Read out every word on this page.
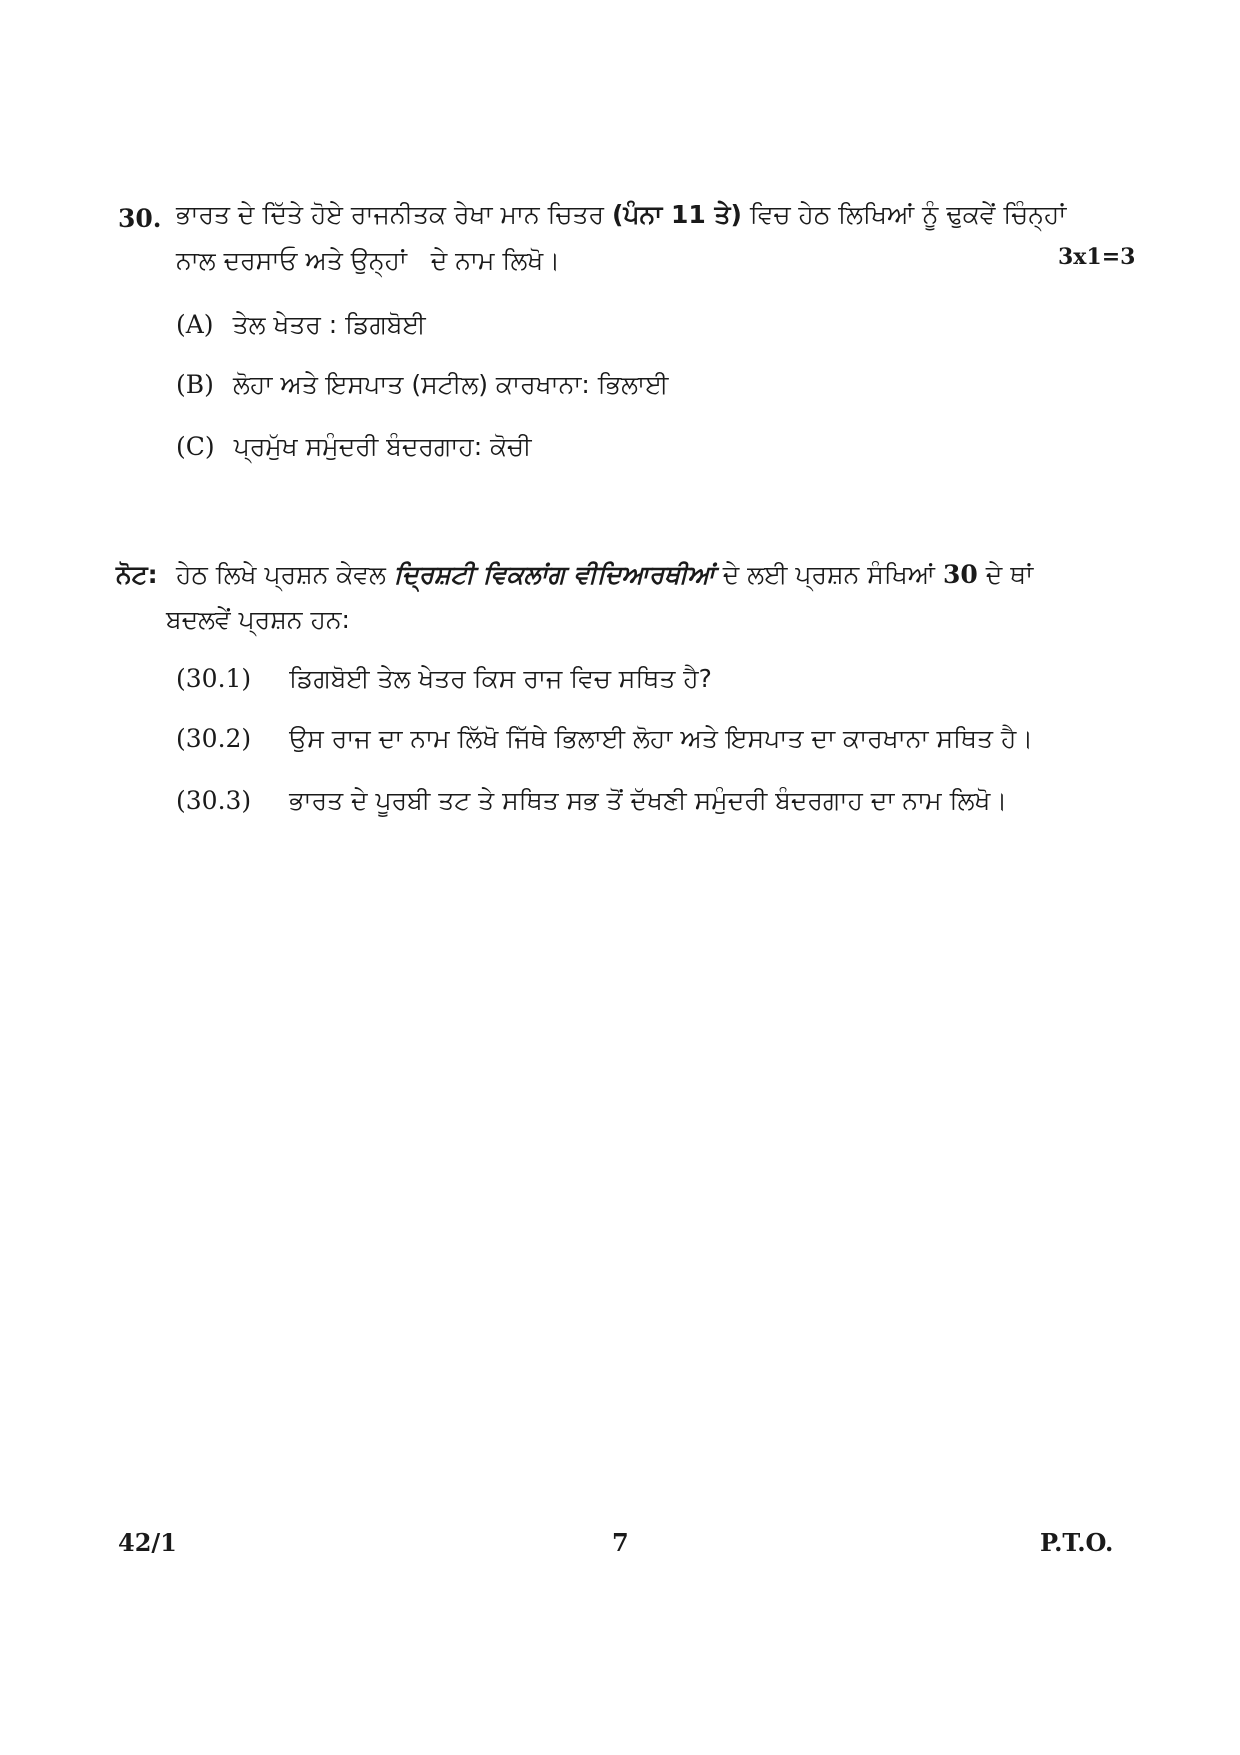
30. ਭਾਰਤ ਦੇ ਦਿੱਤੇ ਹੋਏ ਰਾਜਨੀਤਕ ਰੇਖਾ ਮਾਨ ਚਿਤਰ (ਪੰਨਾ 11 ਤੇ) ਵਿਚ ਹੇਠ ਲਿਖਿਆਂ ਨੂੰ ਢੁਕਵੇਂ ਚਿੰਨ੍ਹਾਂ
ਨਾਲ ਦਰਸਾਓ ਅਤੇ ਉਨ੍ਹਾਂ   ਦੇ ਨਾਮ ਲਿਖੋ।	3x1=3
(A) ਤੇਲ ਖੇਤਰ : ਡਿਗਬੋਈ
(B) ਲੋਹਾ ਅਤੇ ਇਸਪਾਤ (ਸਟੀਲ) ਕਾਰਖਾਨਾ: ਭਿਲਾਈ
(C) ਪ੍ਰਮੁੱਖ ਸਮੁੰਦਰੀ ਬੰਦਰਗਾਹ: ਕੋਚੀ
ਨੋਟ: ਹੇਠ ਲਿਖੇ ਪ੍ਰਸ਼ਨ ਕੇਵਲ ਦ੍ਰਿਸ਼ਟੀ ਵਿਕਲਾਂਗ ਵੀਦਿਆਰਥੀਆਂ ਦੇ ਲਈ ਪ੍ਰਸ਼ਨ ਸੰਖਿਆਂ 30 ਦੇ ਥਾਂ
ਬਦਲਵੇਂ ਪ੍ਰਸ਼ਨ ਹਨ:
(30.1) ਡਿਗਬੋਈ ਤੇਲ ਖੇਤਰ ਕਿਸ ਰਾਜ ਵਿਚ ਸਥਿਤ ਹੈ?
(30.2) ਉਸ ਰਾਜ ਦਾ ਨਾਮ ਲਿੱਖੋ ਜਿੱਥੇ ਭਿਲਾਈ ਲੋਹਾ ਅਤੇ ਇਸਪਾਤ ਦਾ ਕਾਰਖਾਨਾ ਸਥਿਤ ਹੈ।
(30.3) ਭਾਰਤ ਦੇ ਪੂਰਬੀ ਤਟ ਤੇ ਸਥਿਤ ਸਭ ਤੋਂ ਦੱਖਣੀ ਸਮੁੰਦਰੀ ਬੰਦਰਗਾਹ ਦਾ ਨਾਮ ਲਿਖੋ।
42/1	7	P.T.O.
